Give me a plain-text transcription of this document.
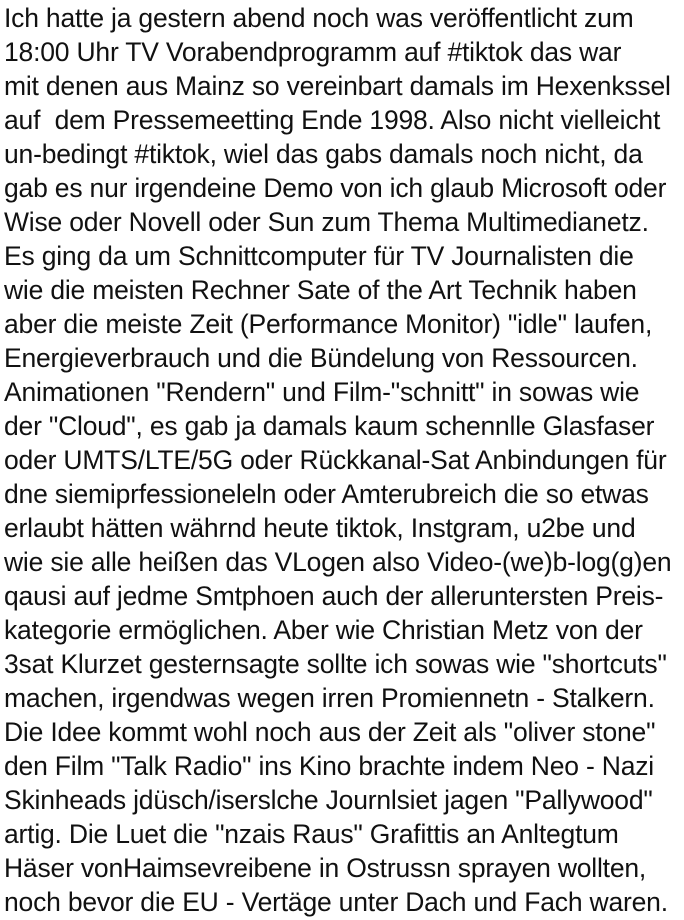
Ich hatte ja gestern abend noch was veröffentlicht zum
18:00 Uhr TV Vorabendprogramm auf #tiktok das war
mit denen aus Mainz so vereinbart damals im Hexenkssel
auf  dem Pressemeetting Ende 1998. Also nicht vielleicht
un-bedingt #tiktok, wiel das gabs damals noch nicht, da
gab es nur irgendeine Demo von ich glaub Microsoft oder
Wise oder Novell oder Sun zum Thema Multimedianetz.
Es ging da um Schnittcomputer für TV Journalisten die
wie die meisten Rechner Sate of the Art Technik haben
aber die meiste Zeit (Performance Monitor) "idle" laufen,
Energieverbrauch und die Bündelung von Ressourcen.
Animationen "Rendern" und Film-"schnitt" in sowas wie
der "Cloud", es gab ja damals kaum schennlle Glasfaser
oder UMTS/LTE/5G oder Rückkanal-Sat Anbindungen für
dne siemiprfessioneleln oder Amterubreich die so etwas
erlaubt hätten währnd heute tiktok, Instgram, u2be und
wie sie alle heißen das VLogen also Video-(we)b-log(g)en
qausi auf jedme Smtphoen auch der alleruntersten Preis-
kategorie ermöglichen. Aber wie Christian Metz von der
3sat Klurzet gesternsagte sollte ich sowas wie "shortcuts"
machen, irgendwas wegen irren Promiennetn - Stalkern.
Die Idee kommt wohl noch aus der Zeit als "oliver stone"
den Film "Talk Radio" ins Kino brachte indem Neo - Nazi
Skinheads jdüsch/iserslche Journlsiet jagen "Pallywood"
artig. Die Luet die "nzais Raus" Grafittis an Anltegtum
Häser vonHaimsevreibene in Ostrussn sprayen wollten,
noch bevor die EU - Vertäge unter Dach und Fach waren.
